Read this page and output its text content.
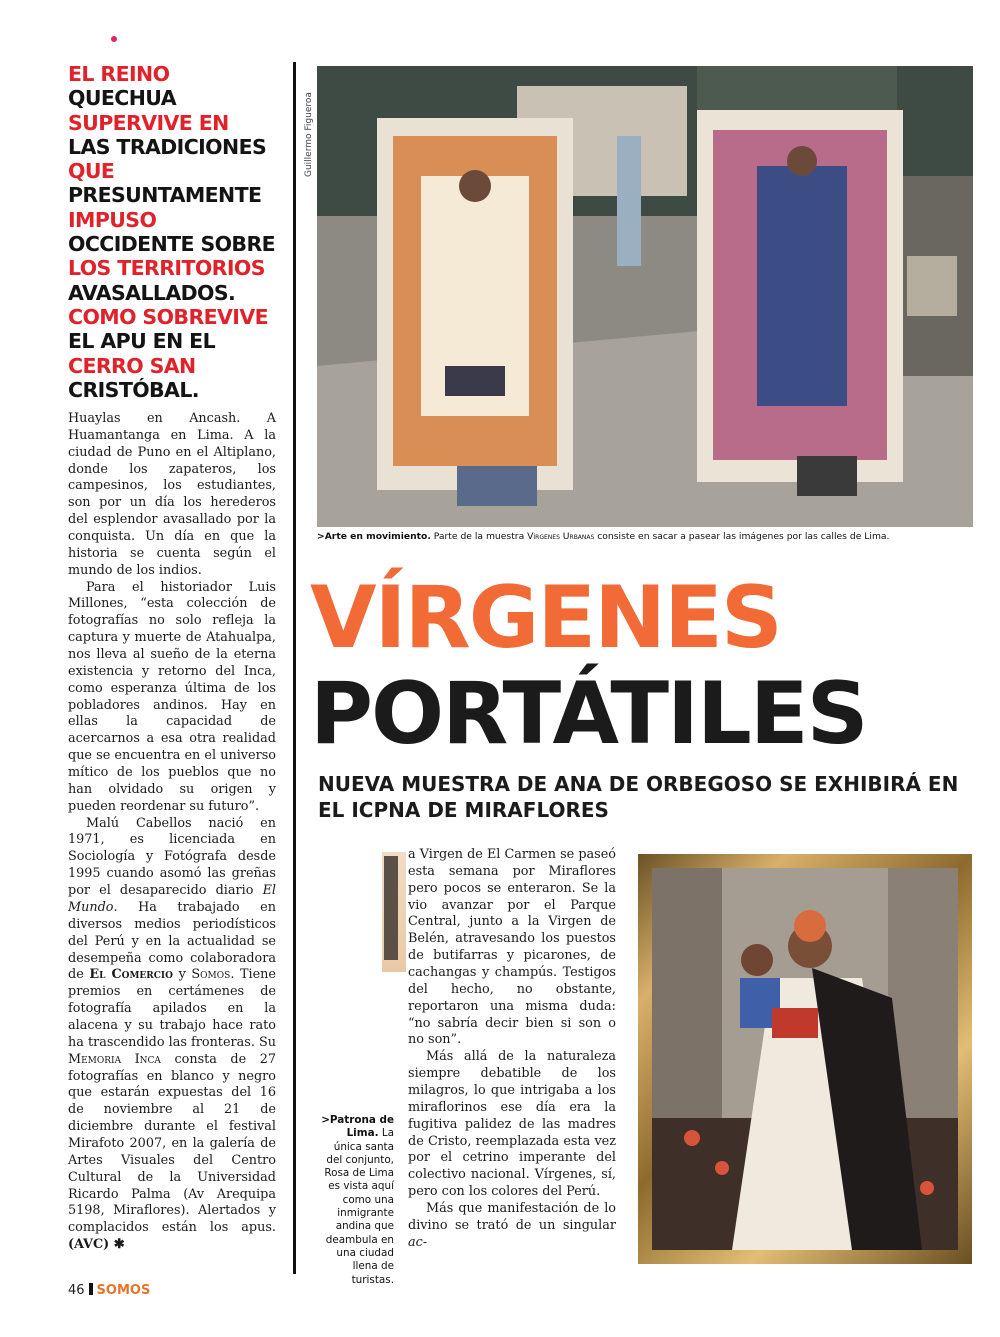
EL REINO
QUECHUA
SUPERVIVE EN
LAS TRADICIONES
QUE
PRESUNTAMENTE
IMPUSO
OCCIDENTE SOBRE
LOS TERRITORIOS
AVASALLADOS.
COMO SOBREVIVE
EL APU EN EL
CERRO SAN
CRISTÓBAL.

Huaylas en Ancash. A Huamantanga en Lima. A la ciudad de Puno en el Altiplano, donde los zapateros, los campesinos, los estudiantes, son por un día los herederos del esplendor avasallado por la conquista. Un día en que la historia se cuenta según el mundo de los indios.

Para el historiador Luis Millones, “esta colección de fotografías no solo refleja la captura y muerte de Atahualpa, nos lleva al sueño de la eterna existencia y retorno del Inca, como esperanza última de los pobladores andinos. Hay en ellas la capacidad de acercarnos a esa otra realidad que se encuentra en el universo mítico de los pueblos que no han olvidado su origen y pueden reordenar su futuro”.

Malú Cabellos nació en 1971, es licenciada en Sociología y Fotógrafa desde 1995 cuando asomó las greñas por el desaparecido diario El Mundo. Ha trabajado en diversos medios periodísticos del Perú y en la actualidad se desempeña como colaboradora de El Comercio y Somos. Tiene premios en certámenes de fotografía apilados en la alacena y su trabajo hace rato ha trascendido las fronteras. Su Memoria Inca consta de 27 fotografías en blanco y negro que estarán expuestas del 16 de noviembre al 21 de diciembre durante el festival Mirafoto 2007, en la galería de Artes Visuales del Centro Cultural de la Universidad Ricardo Palma (Av Arequipa 5198, Miraflores). Alertados y complacidos están los apus. (AVC) ✱

Guillermo Figueroa
>Arte en movimiento. Parte de la muestra Vírgenes Urbanas consiste en sacar a pasear las imágenes por las calles de Lima.
VÍRGENES
PORTÁTILES
NUEVA MUESTRA DE ANA DE ORBEGOSO SE EXHIBIRÁ EN EL ICPNA DE MIRAFLORES

a Virgen de El Carmen se paseó esta semana por Miraflores pero pocos se enteraron. Se la vio avanzar por el Parque Central, junto a la Virgen de Belén, atravesando los puestos de butifarras y picarones, de cachangas y champús. Testigos del hecho, no obstante, reportaron una misma duda: “no sabría decir bien si son o no son”.

Más allá de la naturaleza siempre debatible de los milagros, lo que intrigaba a los miraflorinos ese día era la fugitiva palidez de las madres de Cristo, reemplazada esta vez por el cetrino imperante del colectivo nacional. Vírgenes, sí, pero con los colores del Perú.

Más que manifestación de lo divino se trató de un singular ac-

>Patrona de Lima. La única santa del conjunto, Rosa de Lima es vista aquí como una inmigrante andina que deambula en una ciudad llena de turistas.
46 SOMOS
